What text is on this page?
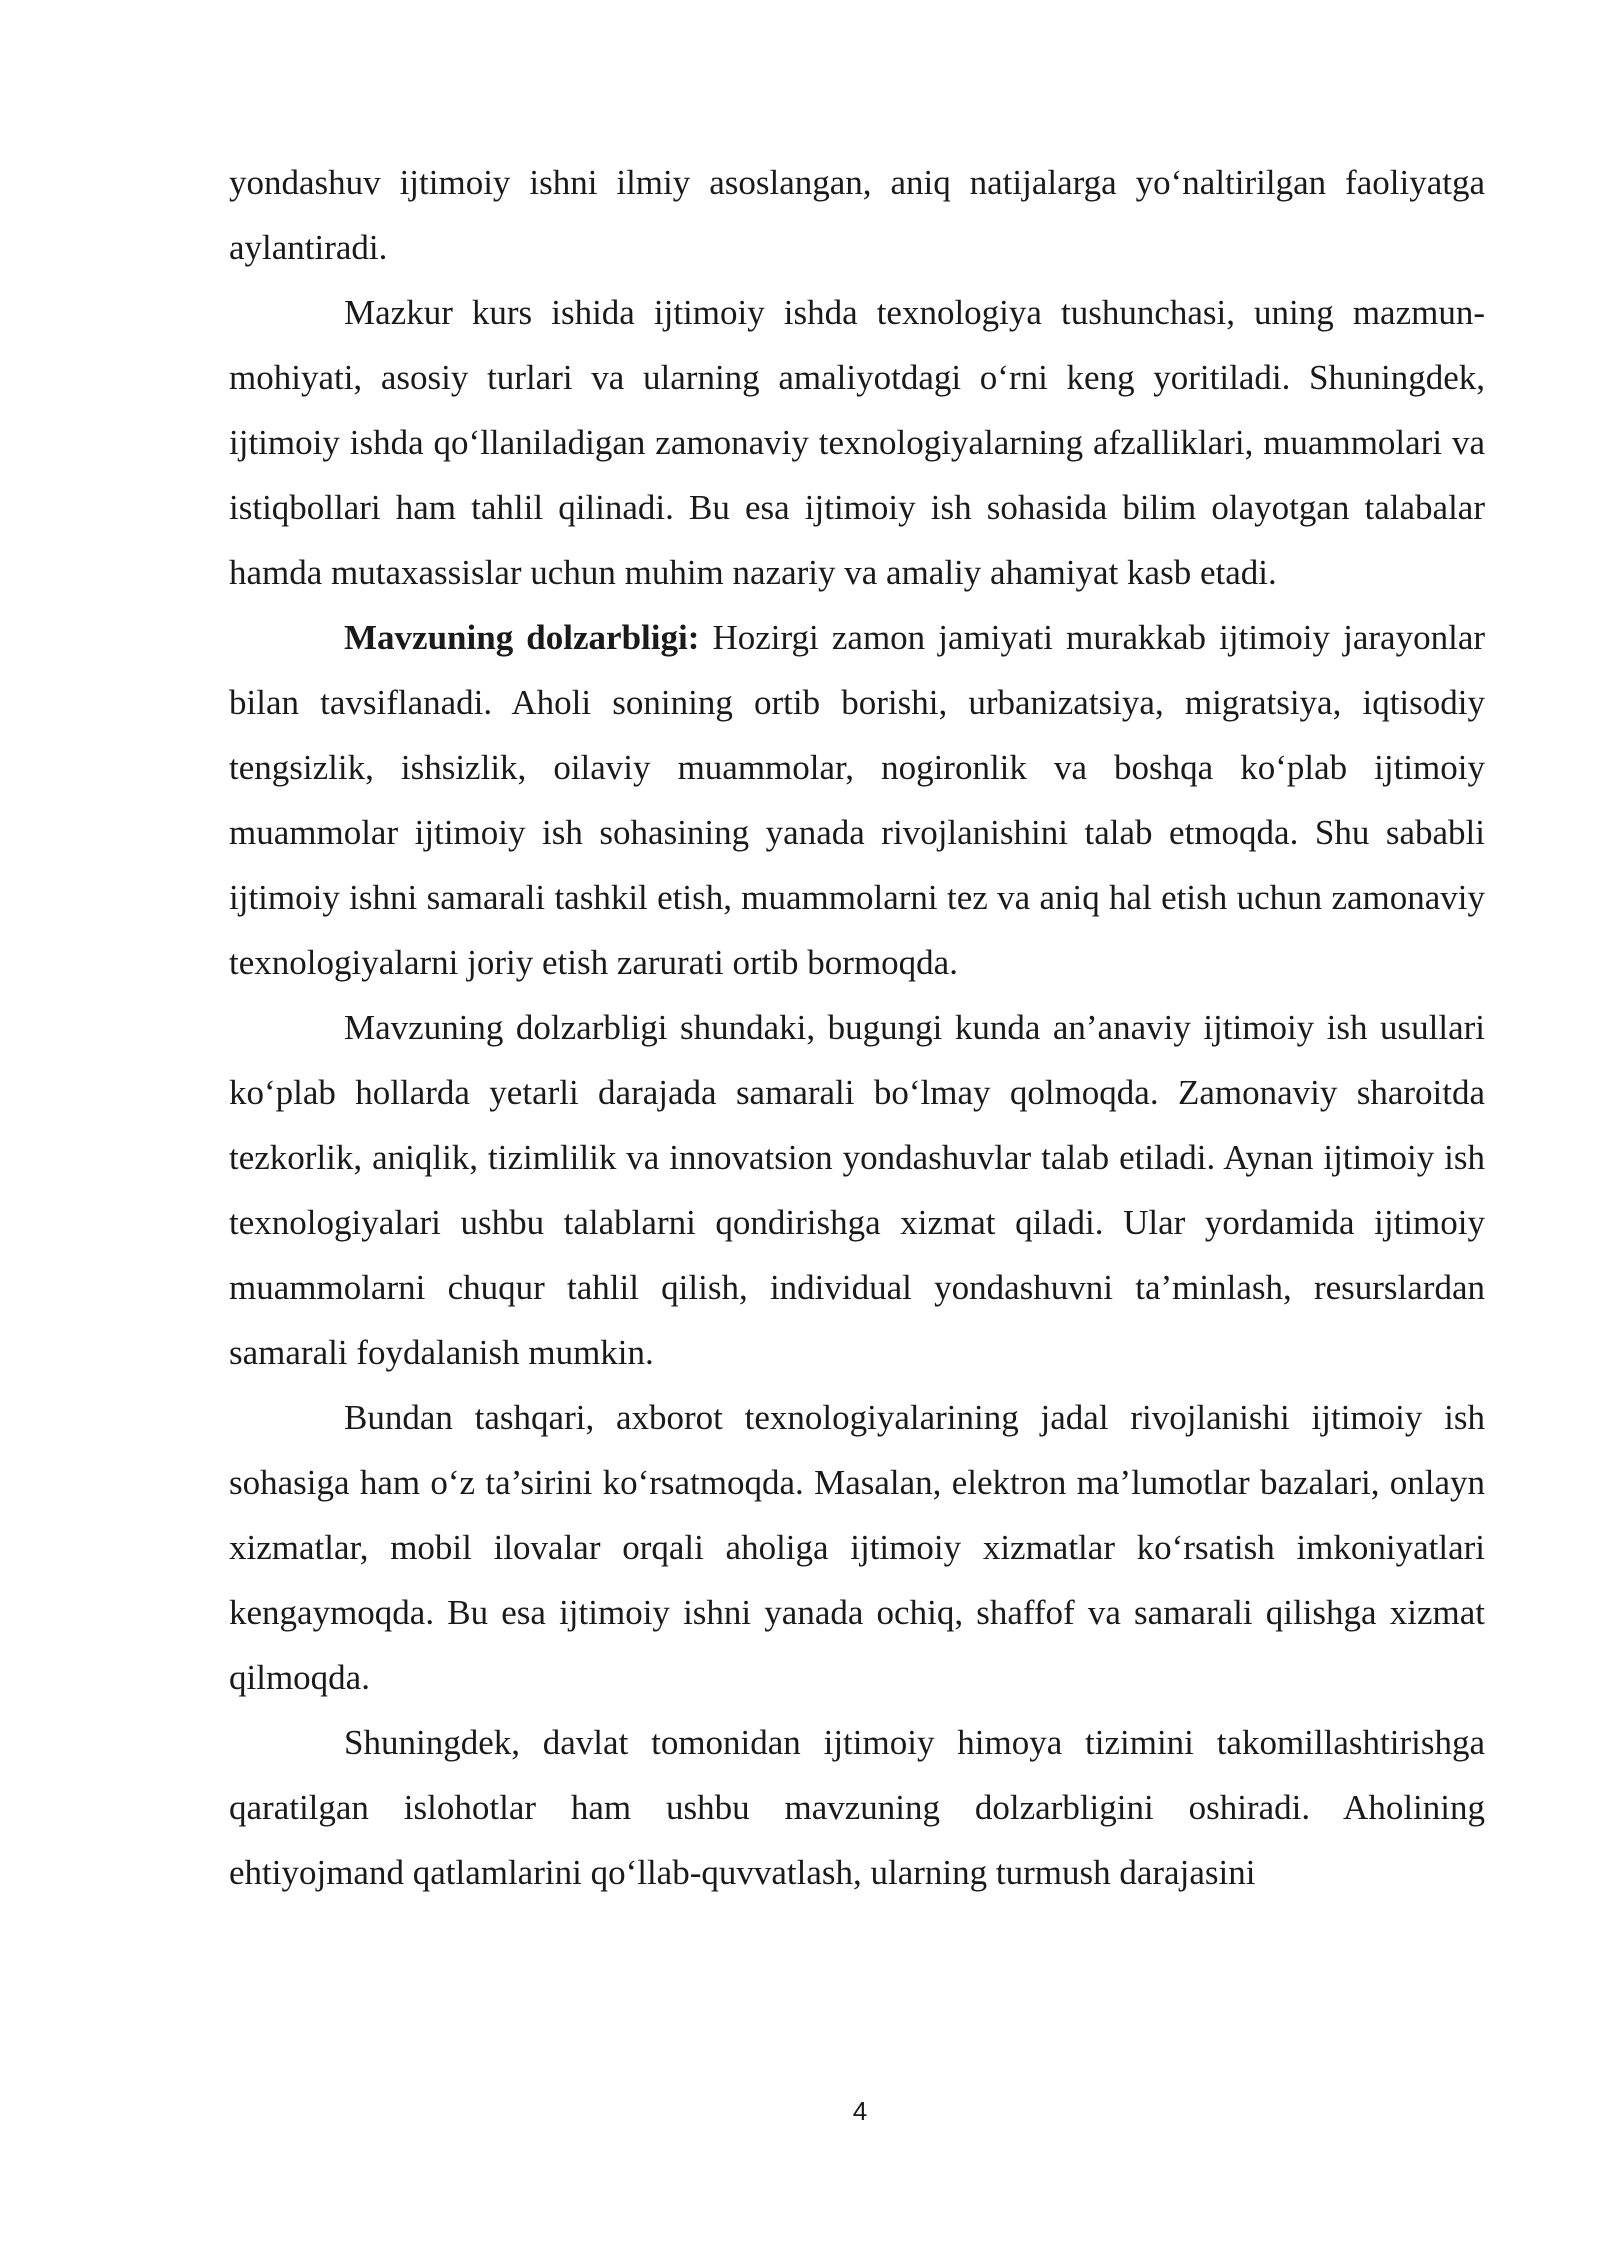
yondashuv ijtimoiy ishni ilmiy asoslangan, aniq natijalarga yo‘naltirilgan faoliyatga aylantiradi.

Mazkur kurs ishida ijtimoiy ishda texnologiya tushunchasi, uning mazmun-mohiyati, asosiy turlari va ularning amaliyotdagi o‘rni keng yoritiladi. Shuningdek, ijtimoiy ishda qo‘llaniladigan zamonaviy texnologiyalarning afzalliklari, muammolari va istiqbollari ham tahlil qilinadi. Bu esa ijtimoiy ish sohasida bilim olayotgan talabalar hamda mutaxassislar uchun muhim nazariy va amaliy ahamiyat kasb etadi.

Mavzuning dolzarbligi: Hozirgi zamon jamiyati murakkab ijtimoiy jarayonlar bilan tavsiflanadi. Aholi sonining ortib borishi, urbanizatsiya, migratsiya, iqtisodiy tengsizlik, ishsizlik, oilaviy muammolar, nogironlik va boshqa ko‘plab ijtimoiy muammolar ijtimoiy ish sohasining yanada rivojlanishini talab etmoqda. Shu sababli ijtimoiy ishni samarali tashkil etish, muammolarni tez va aniq hal etish uchun zamonaviy texnologiyalarni joriy etish zarurati ortib bormoqda.

Mavzuning dolzarbligi shundaki, bugungi kunda an’anaviy ijtimoiy ish usullari ko‘plab hollarda yetarli darajada samarali bo‘lmay qolmoqda. Zamonaviy sharoitda tezkorlik, aniqlik, tizimlilik va innovatsion yondashuvlar talab etiladi. Aynan ijtimoiy ish texnologiyalari ushbu talablarni qondirishga xizmat qiladi. Ular yordamida ijtimoiy muammolarni chuqur tahlil qilish, individual yondashuvni ta’minlash, resurslardan samarali foydalanish mumkin.

Bundan tashqari, axborot texnologiyalarining jadal rivojlanishi ijtimoiy ish sohasiga ham o‘z ta’sirini ko‘rsatmoqda. Masalan, elektron ma’lumotlar bazalari, onlayn xizmatlar, mobil ilovalar orqali aholiga ijtimoiy xizmatlar ko‘rsatish imkoniyatlari kengaymoqda. Bu esa ijtimoiy ishni yanada ochiq, shaffof va samarali qilishga xizmat qilmoqda.

Shuningdek, davlat tomonidan ijtimoiy himoya tizimini takomillashtirishga qaratilgan islohotlar ham ushbu mavzuning dolzarbligini oshiradi. Aholining ehtiyojmand qatlamlarini qo‘llab-quvvatlash, ularning turmush darajasini

4
